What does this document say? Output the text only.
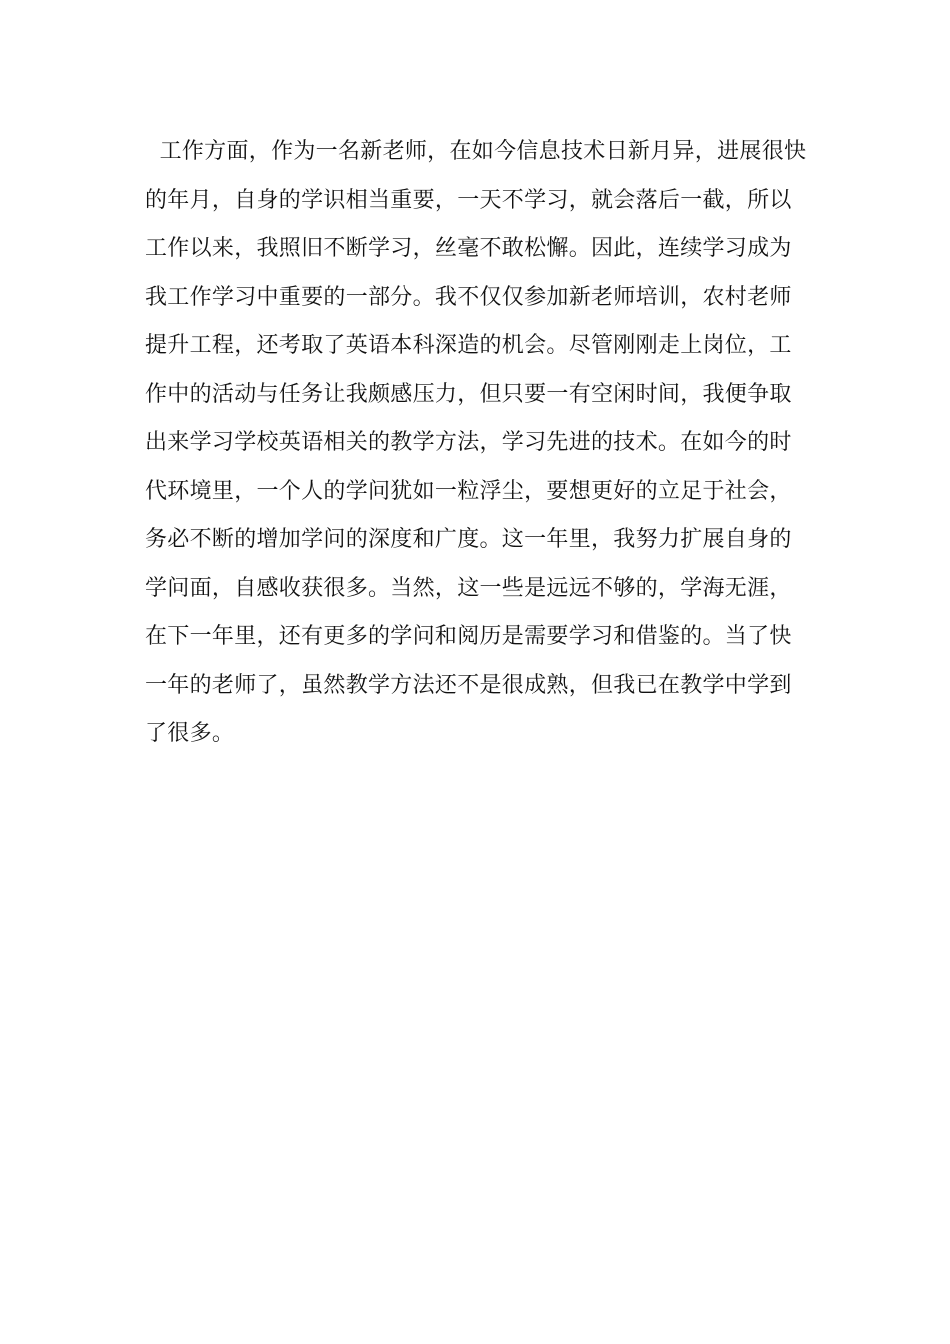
工作方面，作为一名新老师，在如今信息技术日新月异，进展很快
的年月，自身的学识相当重要，一天不学习，就会落后一截，所以
工作以来，我照旧不断学习，丝毫不敢松懈。因此，连续学习成为
我工作学习中重要的一部分。我不仅仅参加新老师培训，农村老师
提升工程，还考取了英语本科深造的机会。尽管刚刚走上岗位，工
作中的活动与任务让我颇感压力，但只要一有空闲时间，我便争取
出来学习学校英语相关的教学方法，学习先进的技术。在如今的时
代环境里，一个人的学问犹如一粒浮尘，要想更好的立足于社会，
务必不断的增加学问的深度和广度。这一年里，我努力扩展自身的
学问面，自感收获很多。当然，这一些是远远不够的，学海无涯，
在下一年里，还有更多的学问和阅历是需要学习和借鉴的。当了快
一年的老师了，虽然教学方法还不是很成熟，但我已在教学中学到
了很多。
